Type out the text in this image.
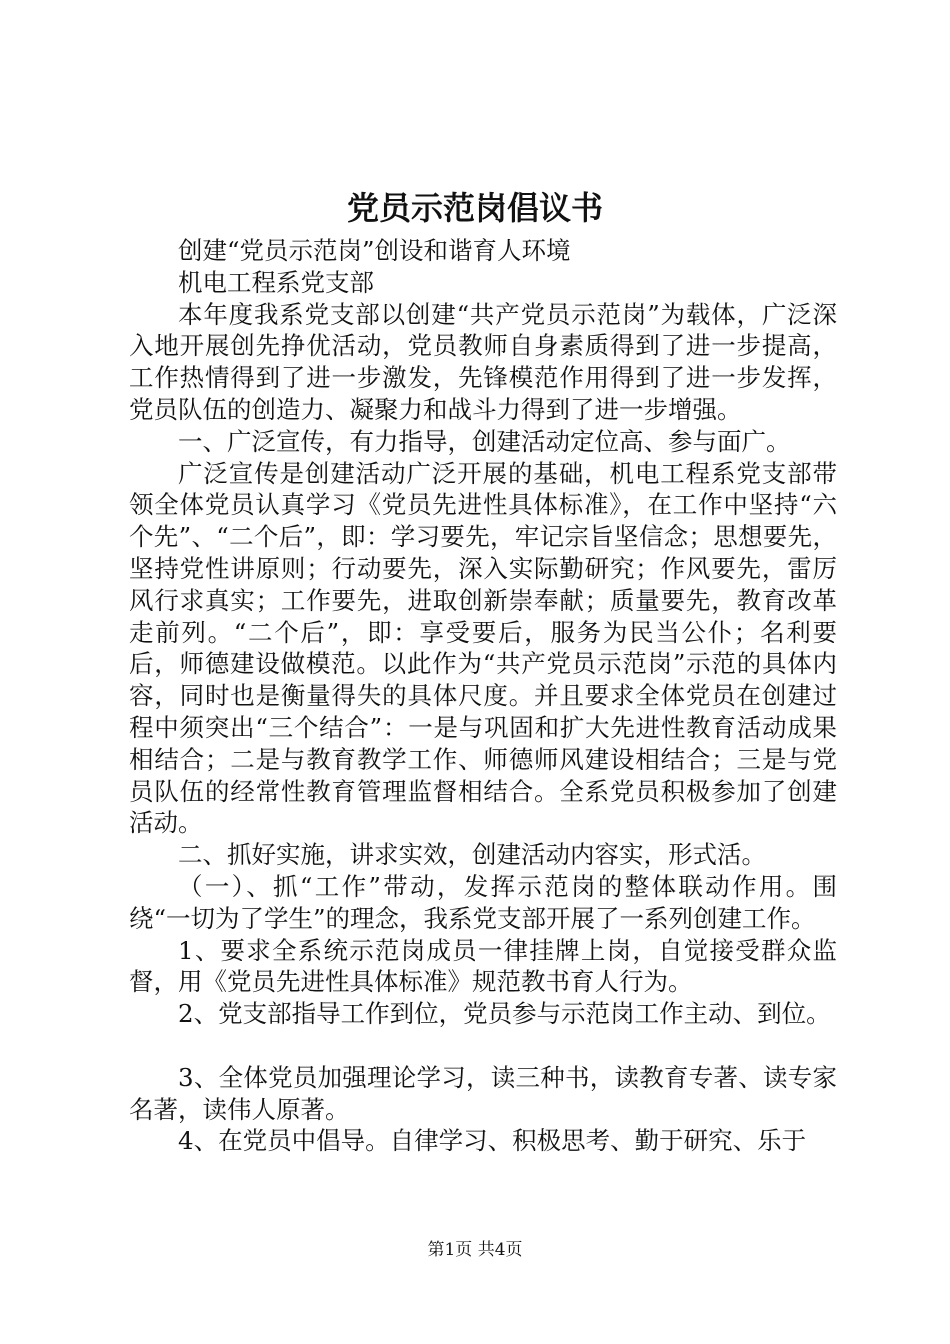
党员示范岗倡议书

创建“党员示范岗”创设和谐育人环境

机电工程系党支部

本年度我系党支部以创建“共产党员示范岗”为载体，广泛深入地开展创先挣优活动，党员教师自身素质得到了进一步提高，工作热情得到了进一步激发，先锋模范作用得到了进一步发挥，党员队伍的创造力、凝聚力和战斗力得到了进一步增强。

一、广泛宣传，有力指导，创建活动定位高、参与面广。

广泛宣传是创建活动广泛开展的基础，机电工程系党支部带领全体党员认真学习《党员先进性具体标准》，在工作中坚持“六个先”、“二个后”，即：学习要先，牢记宗旨坚信念；思想要先，坚持党性讲原则；行动要先，深入实际勤研究；作风要先，雷厉风行求真实；工作要先，进取创新崇奉献；质量要先，教育改革走前列。“二个后”，即：享受要后，服务为民当公仆；名利要后，师德建设做模范。以此作为“共产党员示范岗”示范的具体内容，同时也是衡量得失的具体尺度。并且要求全体党员在创建过程中须突出“三个结合”：一是与巩固和扩大先进性教育活动成果相结合；二是与教育教学工作、师德师风建设相结合；三是与党员队伍的经常性教育管理监督相结合。全系党员积极参加了创建活动。

二、抓好实施，讲求实效，创建活动内容实，形式活。

（一）、抓“工作”带动，发挥示范岗的整体联动作用。围绕“一切为了学生”的理念，我系党支部开展了一系列创建工作。

1、要求全系统示范岗成员一律挂牌上岗，自觉接受群众监督，用《党员先进性具体标准》规范教书育人行为。

2、党支部指导工作到位，党员参与示范岗工作主动、到位。

3、全体党员加强理论学习，读三种书，读教育专著、读专家名著，读伟人原著。

4、在党员中倡导。自律学习、积极思考、勤于研究、乐于

第1页 共4页
